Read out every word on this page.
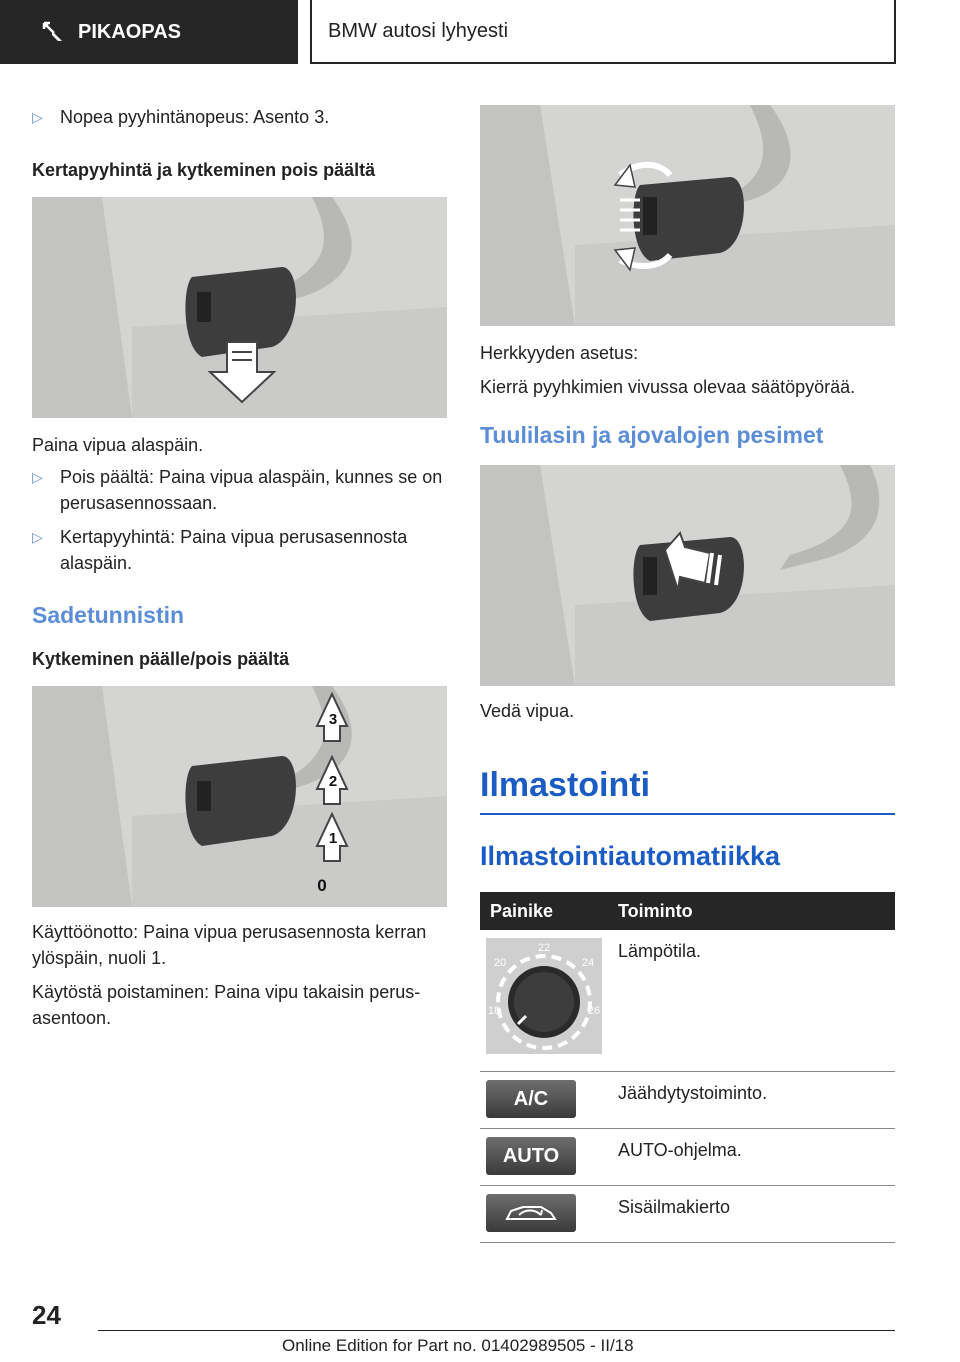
PIKAOPAS	BMW autosi lyhyesti
▷ Nopea pyyhintänopeus: Asento 3.
Kertapyyhintä ja kytkeminen pois päältä

Paina vipua alaspäin.

▷ Pois päältä: Paina vipua alaspäin, kunnes se on perusasennossaan.
▷ Kertapyyhintä: Paina vipua perusasennosta alaspäin.
Sadetunnistin
Kytkeminen päälle/pois päältä
3
2
1
0

Käyttöönotto: Paina vipua perusasennosta kerran ylöspäin, nuoli 1.

Käytöstä poistaminen: Paina vipu takaisin perusasentoon.

Herkkyyden asetus:

Kierrä pyyhkimien vivussa olevaa säätöpyörää.

Tuulilasin ja ajovalojen pesimet

Vedä vipua.

Ilmastointi
Ilmastointiautomatiikka
Painike	Toiminto

22
20 24
18 26	Lämpötila.

A/C	Jäähdytystoiminto.

AUTO	AUTO-ohjelma.

	Sisäilmakierto
24
Online Edition for Part no. 01402989505 - II/18
